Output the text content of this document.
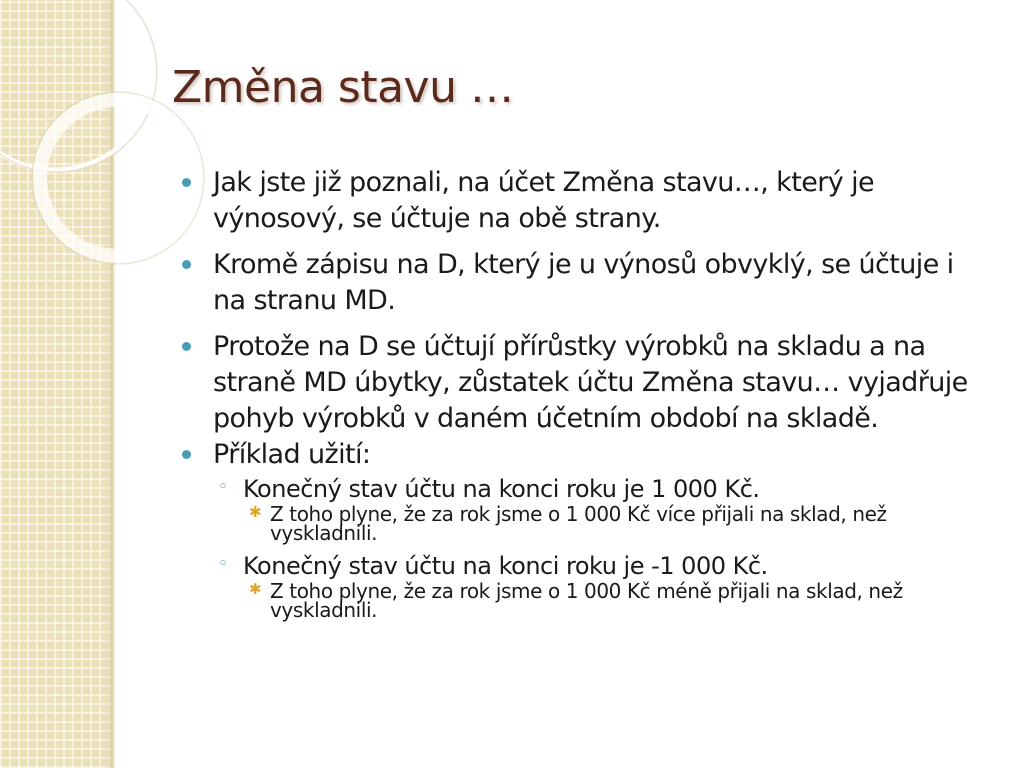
Změna stavu …
Jak jste již poznali, na účet Změna stavu…, který je výnosový, se účtuje na obě strany.
Kromě zápisu na D, který je u výnosů obvyklý, se účtuje i na stranu MD.
Protože na D se účtují přírůstky výrobků na skladu a na straně MD úbytky, zůstatek účtu Změna stavu… vyjadřuje pohyb výrobků v daném účetním období na skladě.
Příklad užití:
◦ Konečný stav účtu na konci roku je 1 000 Kč.
✱ Z toho plyne, že za rok jsme o 1 000 Kč více přijali na sklad, než vyskladnili.
◦ Konečný stav účtu na konci roku je -1 000 Kč.
✱ Z toho plyne, že za rok jsme o 1 000 Kč méně přijali na sklad, než vyskladnili.
